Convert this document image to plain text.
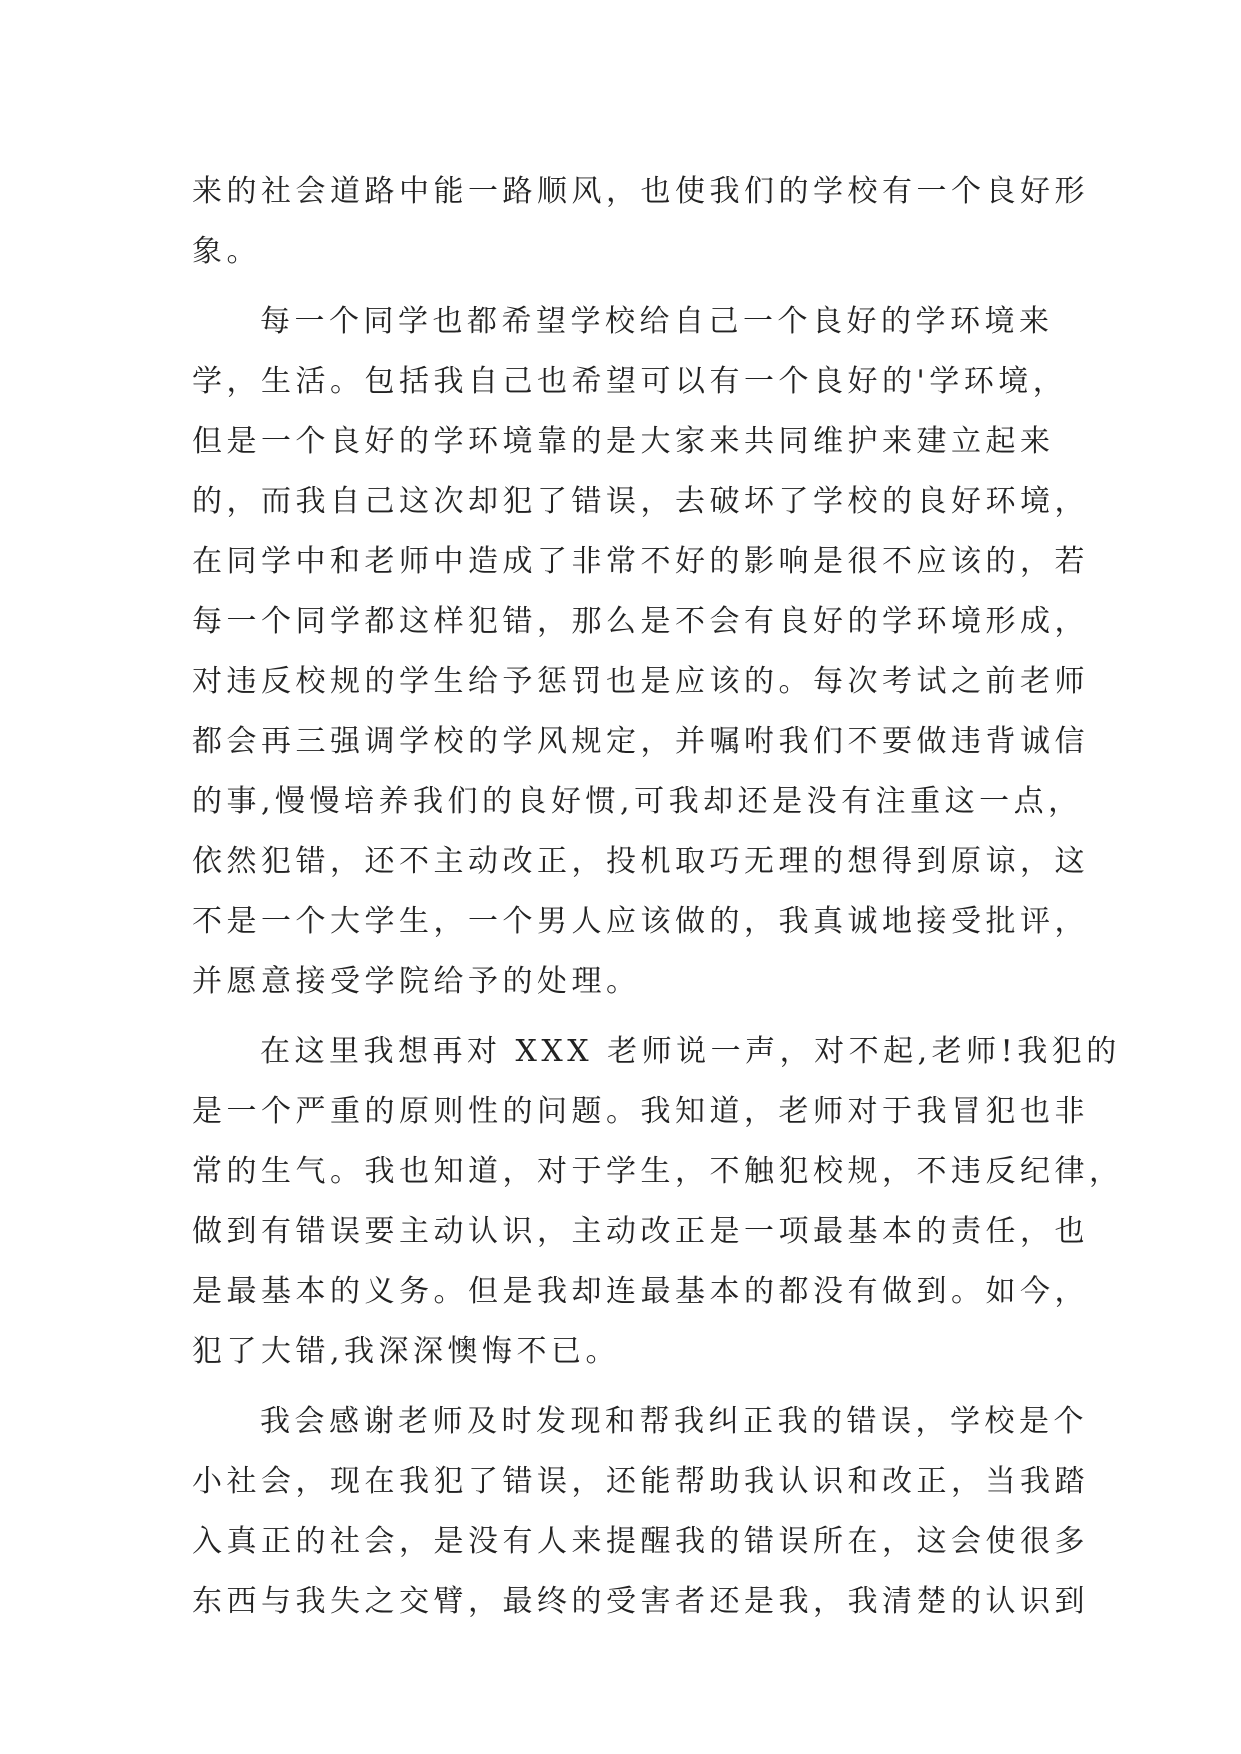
来的社会道路中能一路顺风，也使我们的学校有一个良好形
象。
每一个同学也都希望学校给自己一个良好的学环境来
学，生活。包括我自己也希望可以有一个良好的'学环境，
但是一个良好的学环境靠的是大家来共同维护来建立起来
的，而我自己这次却犯了错误，去破坏了学校的良好环境，
在同学中和老师中造成了非常不好的影响是很不应该的，若
每一个同学都这样犯错，那么是不会有良好的学环境形成，
对违反校规的学生给予惩罚也是应该的。每次考试之前老师
都会再三强调学校的学风规定，并嘱咐我们不要做违背诚信
的事,慢慢培养我们的良好惯,可我却还是没有注重这一点，
依然犯错，还不主动改正，投机取巧无理的想得到原谅，这
不是一个大学生，一个男人应该做的，我真诚地接受批评，
并愿意接受学院给予的处理。
在这里我想再对 XXX 老师说一声，对不起,老师!我犯的
是一个严重的原则性的问题。我知道，老师对于我冒犯也非
常的生气。我也知道，对于学生，不触犯校规，不违反纪律，
做到有错误要主动认识，主动改正是一项最基本的责任，也
是最基本的义务。但是我却连最基本的都没有做到。如今，
犯了大错,我深深懊悔不已。
我会感谢老师及时发现和帮我纠正我的错误，学校是个
小社会，现在我犯了错误，还能帮助我认识和改正，当我踏
入真正的社会，是没有人来提醒我的错误所在，这会使很多
东西与我失之交臂，最终的受害者还是我，我清楚的认识到
